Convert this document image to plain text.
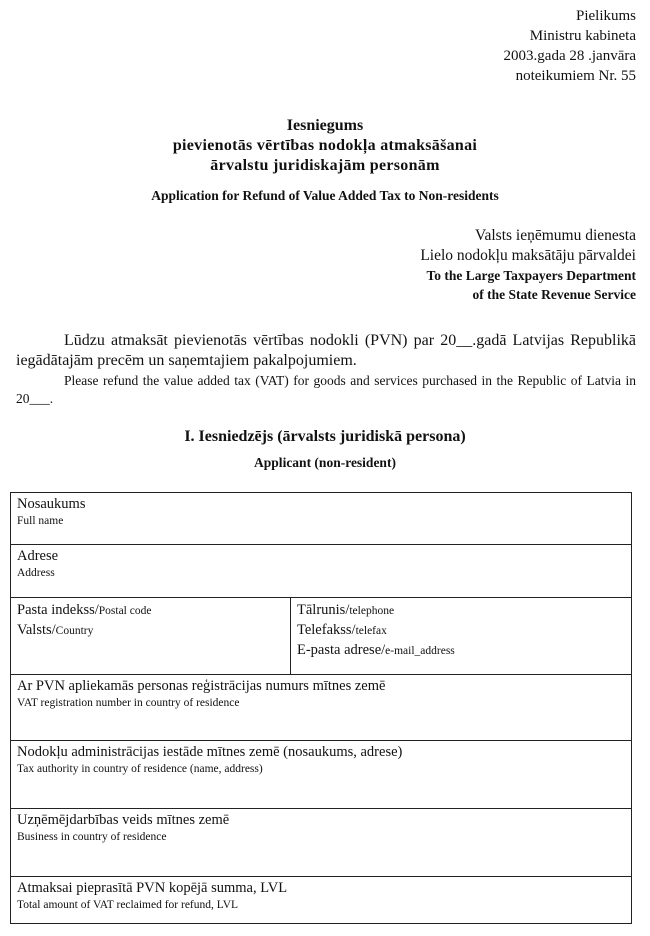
Pielikums
Ministru kabineta
2003.gada 28 .janvāra
noteikumiem Nr. 55
Iesniegums
pievienotās vērtības nodokļa atmaksāšanai
ārvalstu juridiskajām personām
Application for Refund of Value Added Tax to Non-residents
Valsts ieņēmumu dienesta
Lielo nodokļu maksātāju pārvaldei
To the Large Taxpayers Department
of the State Revenue Service
Lūdzu atmaksāt pievienotās vērtības nodokli (PVN) par 20__.gadā Latvijas Republikā iegādātajām precēm un saņemtajiem pakalpojumiem.
Please refund the value added tax (VAT) for goods and services purchased in the Republic of Latvia in 20___.
I. Iesniedzējs (ārvalsts juridiskā persona)
Applicant (non-resident)
Nosaukums
Full name
Adrese
Address
Pasta indekss/Postal code
Valsts/Country
Tālrunis/telephone
Telefakss/telefax
E-pasta adrese/e-mail_address
Ar PVN apliekamās personas reģistrācijas numurs mītnes zemē
VAT registration number in country of residence
Nodokļu administrācijas iestāde mītnes zemē (nosaukums, adrese)
Tax authority in country of residence (name, address)
Uzņēmējdarbības veids mītnes zemē
Business in country of residence
Atmaksai pieprasītā PVN kopējā summa, LVL
Total amount of VAT reclaimed for refund, LVL
